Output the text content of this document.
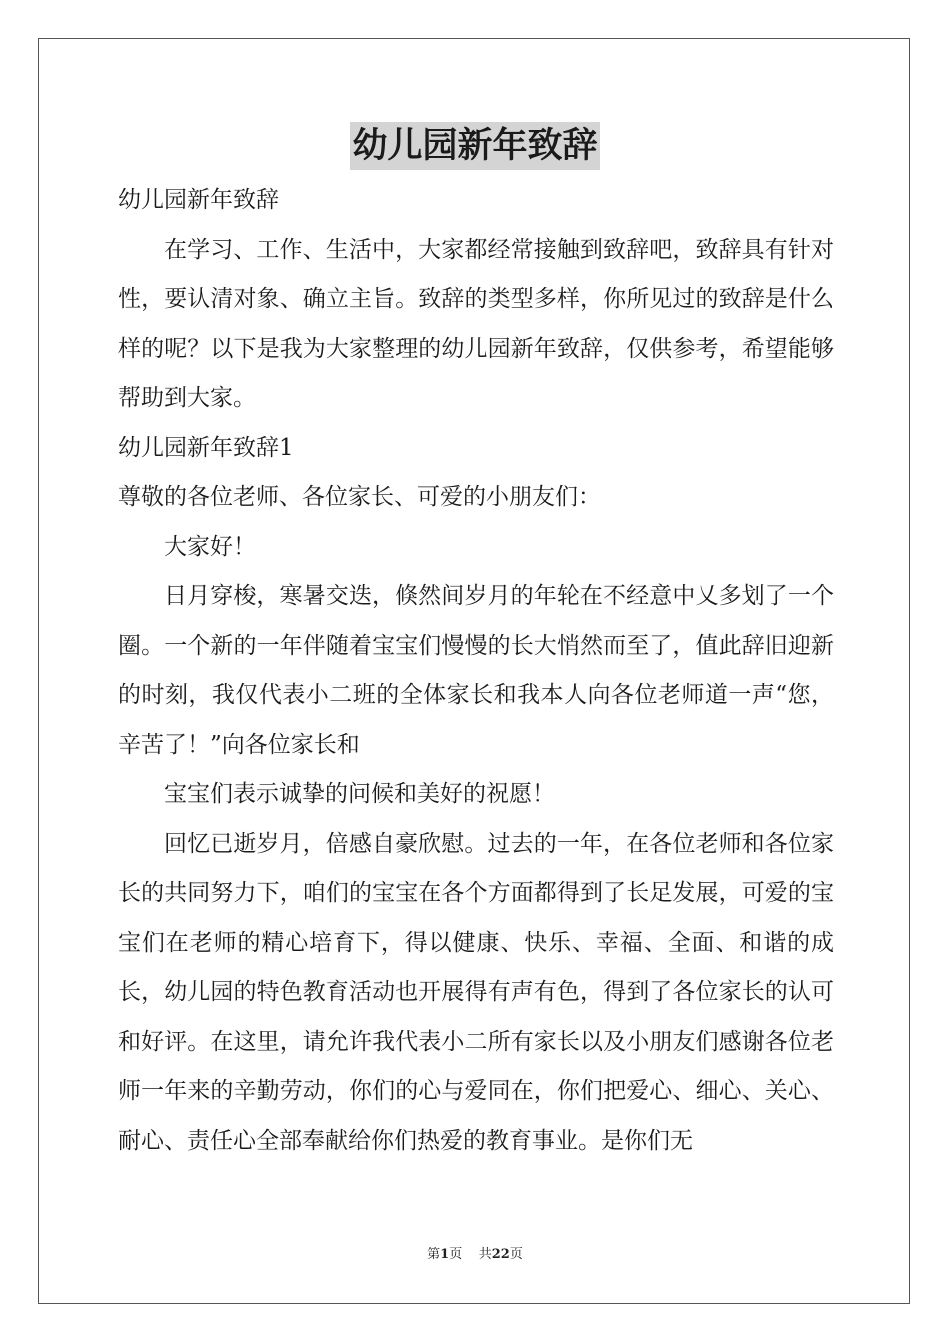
幼儿园新年致辞

幼儿园新年致辞

在学习、工作、生活中，大家都经常接触到致辞吧，致辞具有针对性，要认清对象、确立主旨。致辞的类型多样，你所见过的致辞是什么样的呢？以下是我为大家整理的幼儿园新年致辞，仅供参考，希望能够帮助到大家。

幼儿园新年致辞1

尊敬的各位老师、各位家长、可爱的小朋友们：

大家好！

日月穿梭，寒暑交迭，倏然间岁月的年轮在不经意中乂多划了一个圈。一个新的一年伴随着宝宝们慢慢的长大悄然而至了，值此辞旧迎新的时刻，我仅代表小二班的全体家长和我本人向各位老师道一声“您，辛苦了！”向各位家长和

宝宝们表示诚挚的问候和美好的祝愿！

回忆已逝岁月，倍感自豪欣慰。过去的一年，在各位老师和各位家长的共同努力下，咱们的宝宝在各个方面都得到了长足发展，可爱的宝宝们在老师的精心培育下，得以健康、快乐、幸福、全面、和谐的成长，幼儿园的特色教育活动也开展得有声有色，得到了各位家长的认可和好评。在这里，请允许我代表小二所有家长以及小朋友们感谢各位老师一年来的辛勤劳动，你们的心与爱同在，你们把爱心、细心、关心、耐心、责任心全部奉献给你们热爱的教育事业。是你们无

第1页 共22页
